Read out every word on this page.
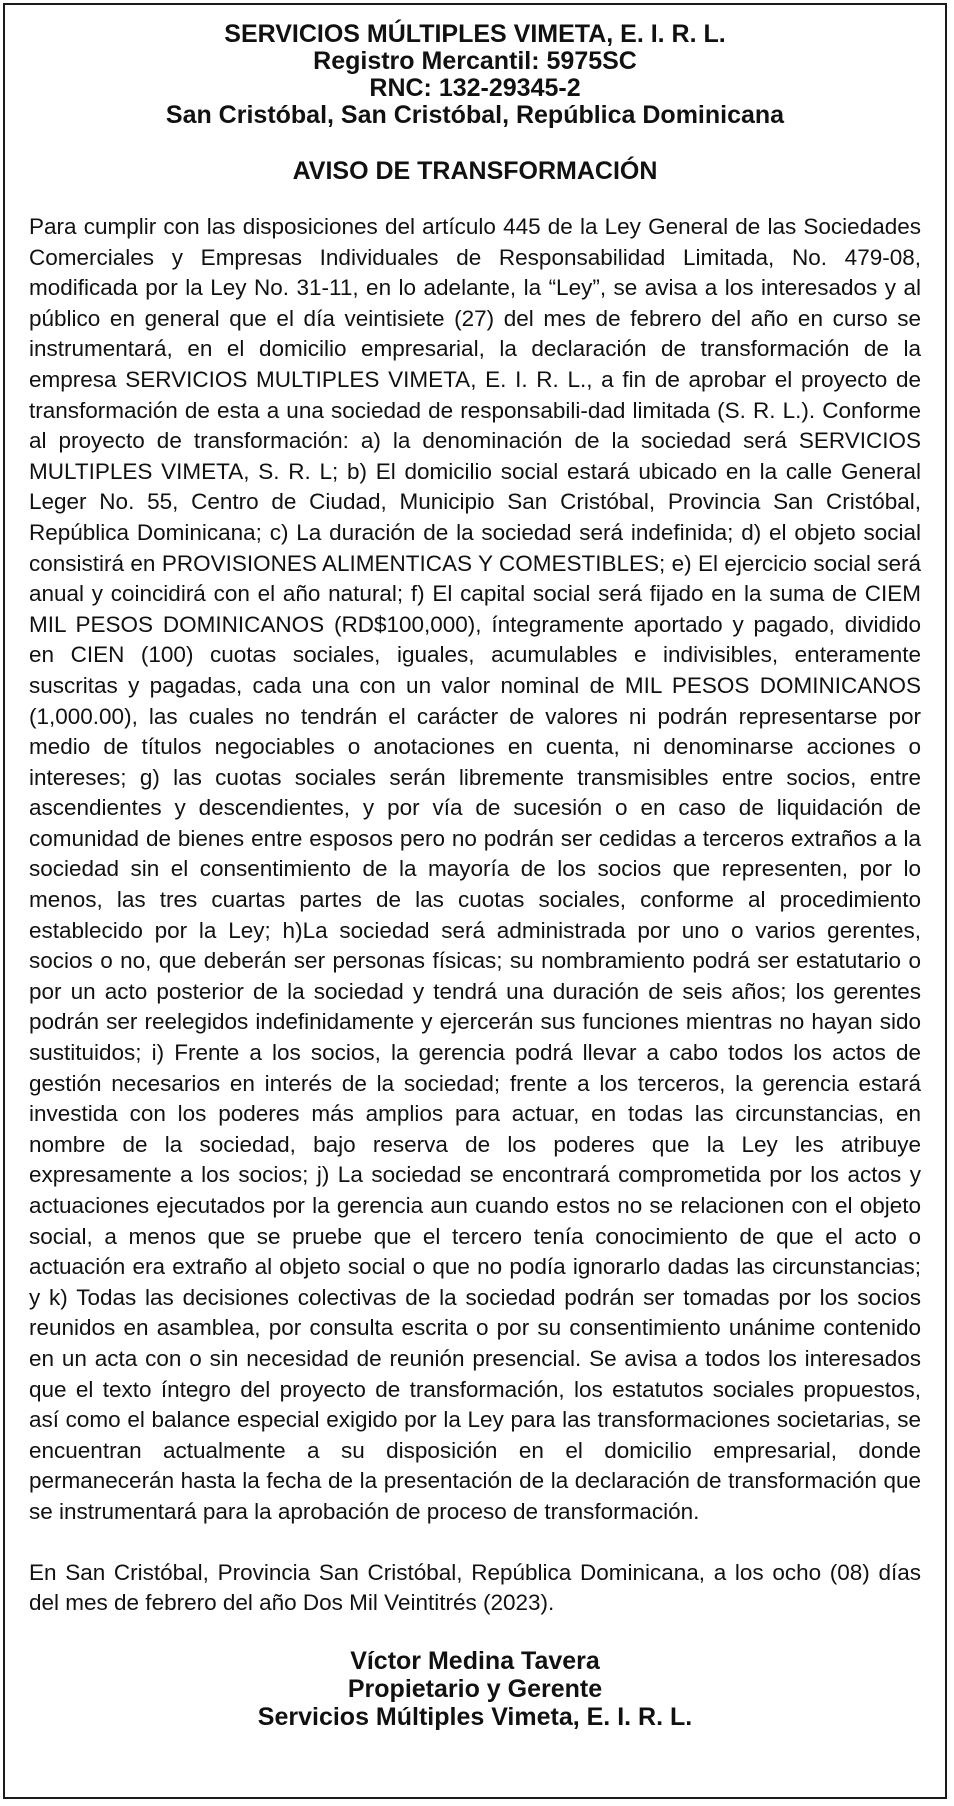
SERVICIOS MÚLTIPLES VIMETA, E. I. R. L.
Registro Mercantil: 5975SC
RNC: 132-29345-2
San Cristóbal, San Cristóbal, República Dominicana
AVISO DE TRANSFORMACIÓN
Para cumplir con las disposiciones del artículo 445 de la Ley General de las Sociedades Comerciales y Empresas Individuales de Responsabilidad Limitada, No. 479-08, modificada por la Ley No. 31-11, en lo adelante, la “Ley”, se avisa a los interesados y al público en general que el día veintisiete (27) del mes de febrero del año en curso se instrumentará, en el domicilio empresarial, la declaración de transformación de la empresa SERVICIOS MULTIPLES VIMETA, E. I. R. L., a fin de aprobar el proyecto de transformación de esta a una sociedad de responsabili-dad limitada (S. R. L.). Conforme al proyecto de transformación: a) la denominación de la sociedad será SERVICIOS MULTIPLES VIMETA, S. R. L; b) El domicilio social estará ubicado en la calle General Leger No. 55, Centro de Ciudad, Municipio San Cristóbal, Provincia San Cristóbal, República Dominicana; c) La duración de la sociedad será indefinida; d) el objeto social consistirá en PROVISIONES ALIMENTICAS Y COMESTIBLES; e) El ejercicio social será anual y coincidirá con el año natural; f) El capital social será fijado en la suma de CIEM MIL PESOS DOMINICANOS (RD$100,000), íntegramente aportado y pagado, dividido en CIEN (100) cuotas sociales, iguales, acumulables e indivisibles, enteramente suscritas y pagadas, cada una con un valor nominal de MIL PESOS DOMINICANOS (1,000.00), las cuales no tendrán el carácter de valores ni podrán representarse por medio de títulos negociables o anotaciones en cuenta, ni denominarse acciones o intereses; g) las cuotas sociales serán libremente transmisibles entre socios, entre ascendientes y descendientes, y por vía de sucesión o en caso de liquidación de comunidad de bienes entre esposos pero no podrán ser cedidas a terceros extraños a la sociedad sin el consentimiento de la mayoría de los socios que representen, por lo menos, las tres cuartas partes de las cuotas sociales, conforme al procedimiento establecido por la Ley; h)La sociedad será administrada por uno o varios gerentes, socios o no, que deberán ser personas físicas; su nombramiento podrá ser estatutario o por un acto posterior de la sociedad y tendrá una duración de seis años; los gerentes podrán ser reelegidos indefinidamente y ejercerán sus funciones mientras no hayan sido sustituidos; i) Frente a los socios, la gerencia podrá llevar a cabo todos los actos de gestión necesarios en interés de la sociedad; frente a los terceros, la gerencia estará investida con los poderes más amplios para actuar, en todas las circunstancias, en nombre de la sociedad, bajo reserva de los poderes que la Ley les atribuye expresamente a los socios; j) La sociedad se encontrará comprometida por los actos y actuaciones ejecutados por la gerencia aun cuando estos no se relacionen con el objeto social, a menos que se pruebe que el tercero tenía conocimiento de que el acto o actuación era extraño al objeto social o que no podía ignorarlo dadas las circunstancias; y k) Todas las decisiones colectivas de la sociedad podrán ser tomadas por los socios reunidos en asamblea, por consulta escrita o por su consentimiento unánime contenido en un acta con o sin necesidad de reunión presencial. Se avisa a todos los interesados que el texto íntegro del proyecto de transformación, los estatutos sociales propuestos, así como el balance especial exigido por la Ley para las transformaciones societarias, se encuentran actualmente a su disposición en el domicilio empresarial, donde permanecerán hasta la fecha de la presentación de la declaración de transformación que se instrumentará para la aprobación de proceso de transformación.
En San Cristóbal, Provincia San Cristóbal, República Dominicana, a los ocho (08) días del mes de febrero del año Dos Mil Veintitrés (2023).
Víctor Medina Tavera
Propietario y Gerente
Servicios Múltiples Vimeta, E. I. R. L.
